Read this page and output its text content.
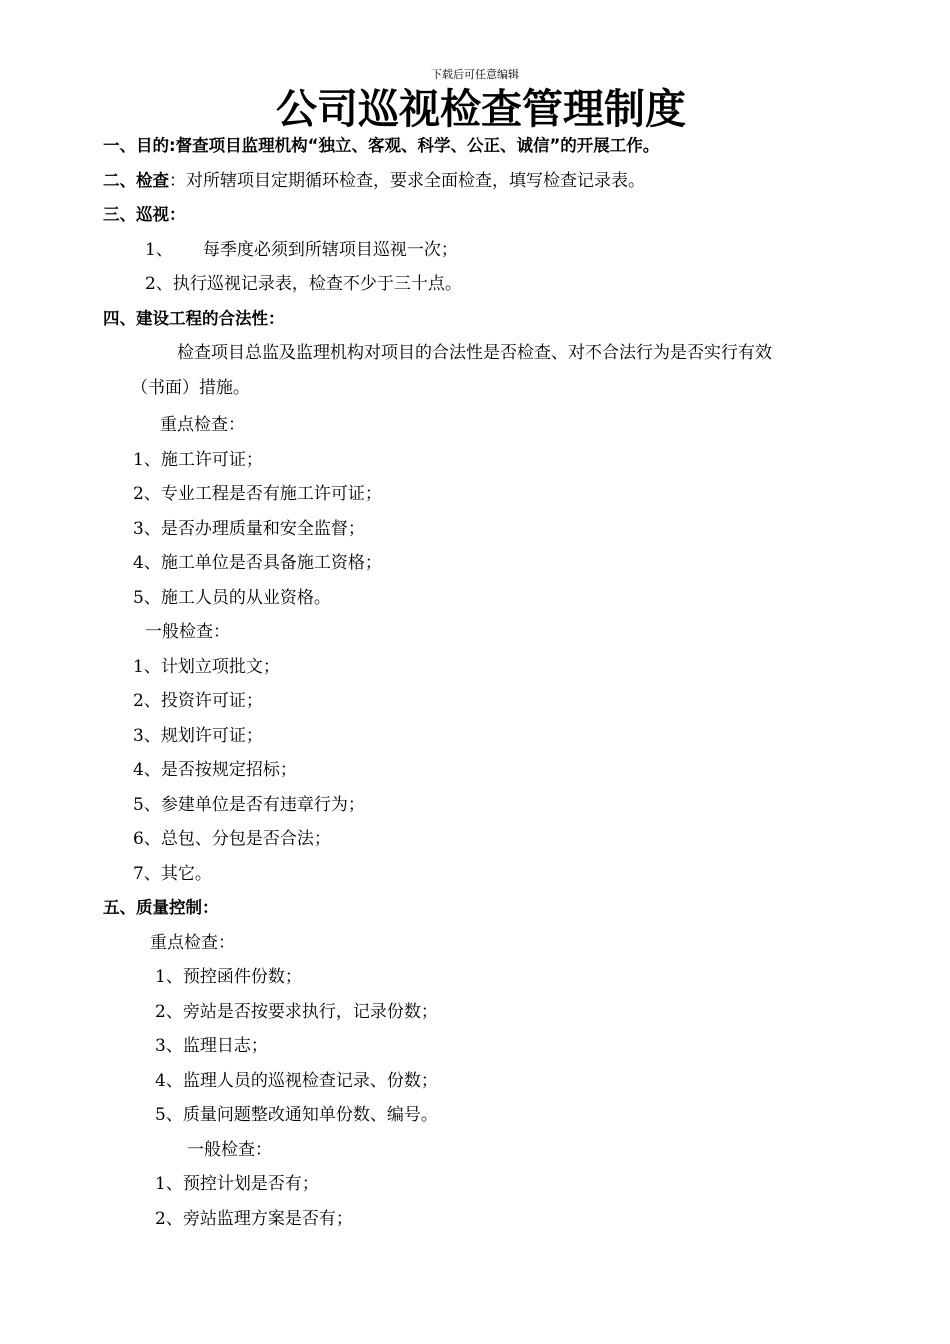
下载后可任意编辑
公司巡视检查管理制度
一、目的:督查项目监理机构“独立、客观、科学、公正、诚信”的开展工作。
二、检查：对所辖项目定期循环检查，要求全面检查，填写检查记录表。
三、巡视：
1、 每季度必须到所辖项目巡视一次；
2、执行巡视记录表，检查不少于三十点。
四、建设工程的合法性：
检查项目总监及监理机构对项目的合法性是否检查、对不合法行为是否实行有效
（书面）措施。
重点检查：
1、施工许可证；
2、专业工程是否有施工许可证；
3、是否办理质量和安全监督；
4、施工单位是否具备施工资格；
5、施工人员的从业资格。
一般检查：
1、计划立项批文；
2、投资许可证；
3、规划许可证；
4、是否按规定招标；
5、参建单位是否有违章行为；
6、总包、分包是否合法；
7、其它。
五、质量控制：
重点检查：
1、预控函件份数；
2、旁站是否按要求执行，记录份数；
3、监理日志；
4、监理人员的巡视检查记录、份数；
5、质量问题整改通知单份数、编号。
一般检查：
1、预控计划是否有；
2、旁站监理方案是否有；
